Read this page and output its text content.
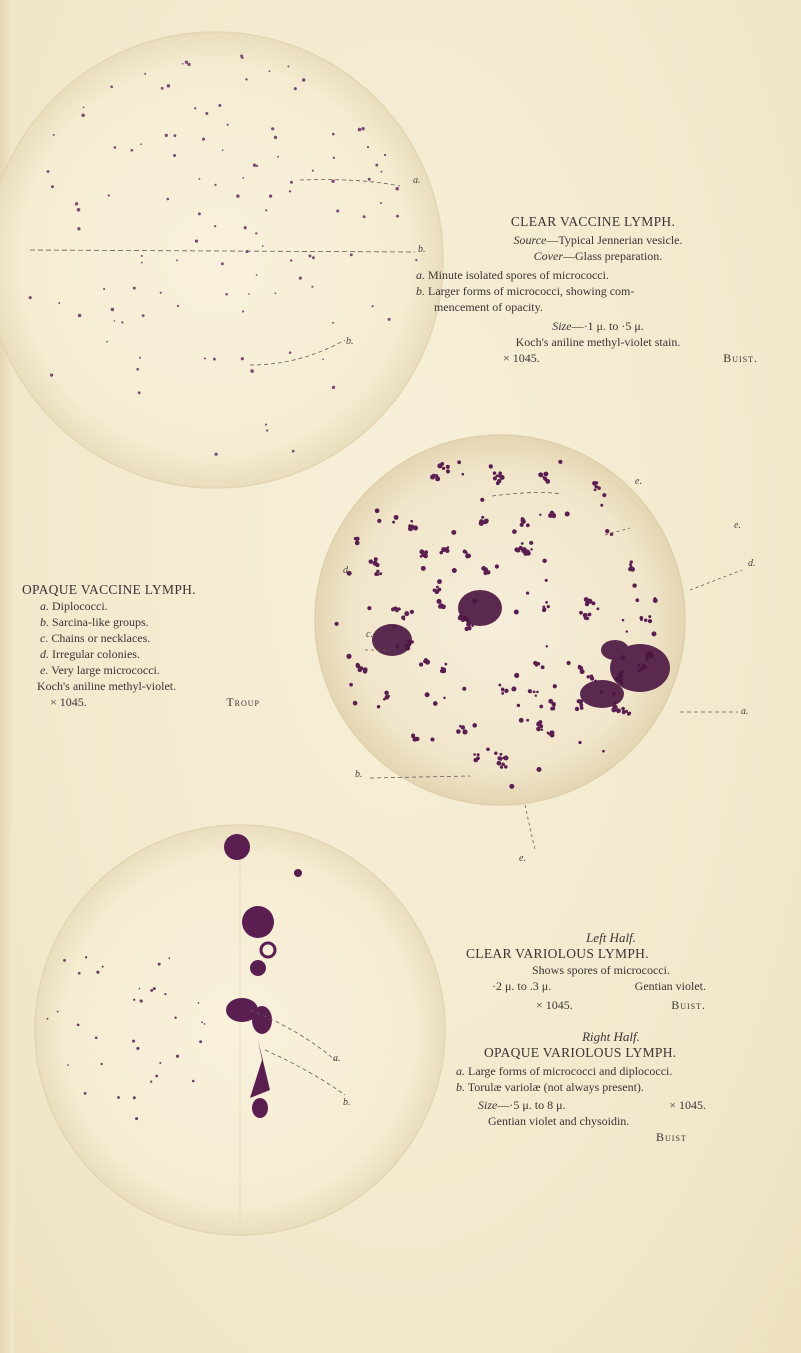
a.
b.
b.
d.
d.
e.
e.
e.
a.
b.
c.
a.
b.
CLEAR VACCINE LYMPH.
Source—Typical Jennerian vesicle.
Cover—Glass preparation.
a. Minute isolated spores of micrococci.
b. Larger forms of micrococci, showing com-
mencement of opacity.
Size—·1 μ. to ·5 μ.
Koch's aniline methyl-violet stain.
× 1045.	Buist.
OPAQUE VACCINE LYMPH.
a. Diplococci.
b. Sarcina-like groups.
c. Chains or necklaces.
d. Irregular colonies.
e. Very large micrococci.
Koch's aniline methyl-violet.
× 1045.	Troup
Left Half.
CLEAR VARIOLOUS LYMPH.
Shows spores of micrococci.
·2 μ. to .3 μ.	Gentian violet.
× 1045.	Buist.
Right Half.
OPAQUE VARIOLOUS LYMPH.
a. Large forms of micrococci and diplococci.
b. Torulæ variolæ (not always present).
Size—·5 μ. to 8 μ.	× 1045.
Gentian violet and chysoidin.
Buist
